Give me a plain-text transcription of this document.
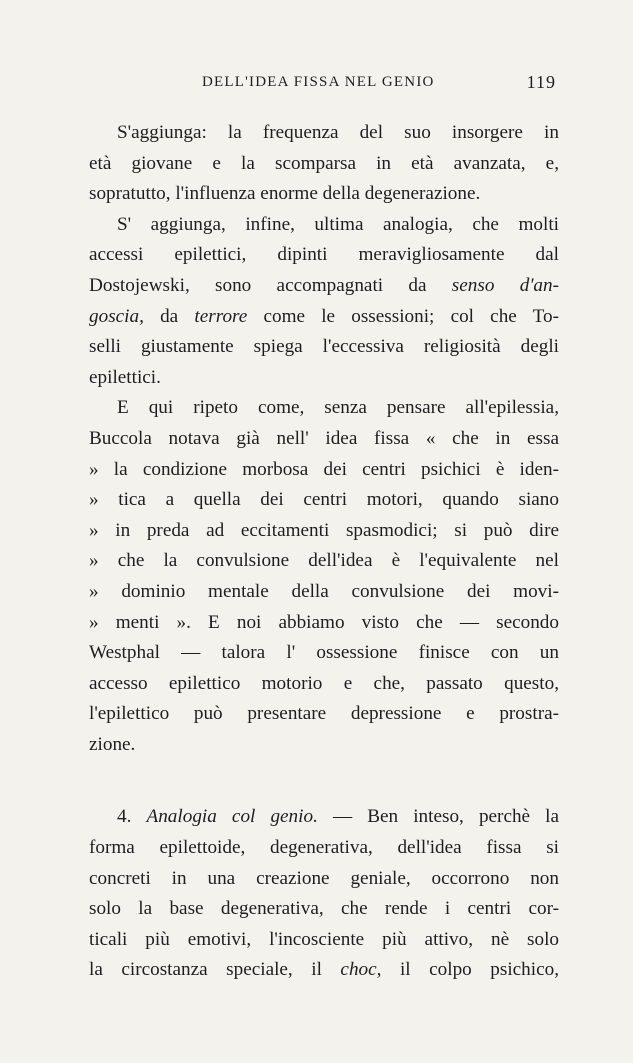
DELL'IDEA FISSA NEL GENIO	119
S'aggiunga: la frequenza del suo insorgere in
età giovane e la scomparsa in età avanzata, e,
sopratutto, l'influenza enorme della degenerazione.
S' aggiunga, infine, ultima analogia, che molti
accessi epilettici, dipinti meravigliosamente dal
Dostojewski, sono accompagnati da senso d'an-
goscia, da terrore come le ossessioni; col che To-
selli giustamente spiega l'eccessiva religiosità degli
epilettici.
E qui ripeto come, senza pensare all'epilessia,
Buccola notava già nell' idea fissa « che in essa
» la condizione morbosa dei centri psichici è iden-
» tica a quella dei centri motori, quando siano
» in preda ad eccitamenti spasmodici; si può dire
» che la convulsione dell'idea è l'equivalente nel
» dominio mentale della convulsione dei movi-
» menti ». E noi abbiamo visto che — secondo
Westphal — talora l' ossessione finisce con un
accesso epilettico motorio e che, passato questo,
l'epilettico può presentare depressione e prostra-
zione.
4. Analogia col genio. — Ben inteso, perchè la
forma epilettoide, degenerativa, dell'idea fissa si
concreti in una creazione geniale, occorrono non
solo la base degenerativa, che rende i centri cor-
ticali più emotivi, l'incosciente più attivo, nè solo
la circostanza speciale, il choc, il colpo psichico,
